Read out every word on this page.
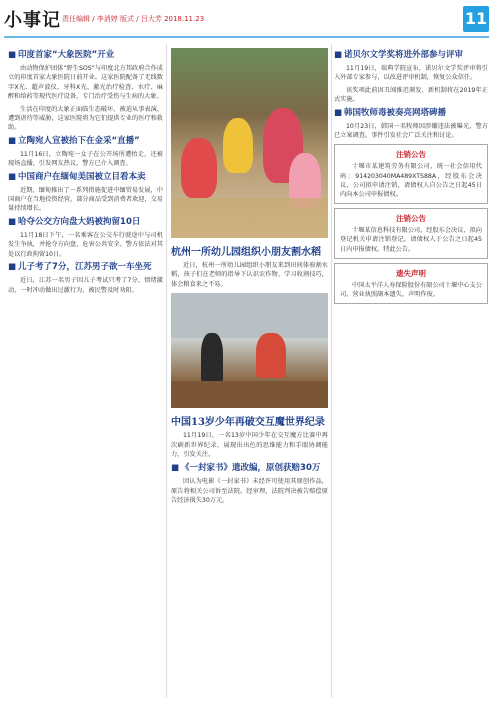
小事记 责任编辑 / 李消婷 版式 / 吕大芳 2018.11.23	11
■ 印度首家“大象医院”开业
由动物保护团体“野生SOS”与印度北方邦政府合作成立的印度首家大象医院日前开业。这家医院配备了无线数字X光、超声波仪、牙科X光、激光治疗检查、水疗、麻醉和给药等现代医疗设备，专门治疗受伤与生病的大象。
生活在印度的大象正面临生态破坏、被迫从事表演、遭到虐待等威胁，这家医院将为它们提供专业的医疗和救助。
■ 立陶宛人宣被抬下在金采“直播”
11月16日，立陶宛一女子在公开场所遭抬走，还被现场直播，引发网友热议。警方已介入调查。
■ 中国商户在缅甸美国被立目看本卖
近期，缅甸推出了一系列措施促进中缅贸易发展，中国商户在当地投资经营，部分商品受到消费者欢迎，交易量持续增长。
■ 哈夺公交方向盘大妈被拘留10日
11月18日下午，一名乘客在公交车行驶途中与司机发生争执，并抢夺方向盘，危害公共安全。警方依法对其处以行政拘留10日。
■ 儿子考了7分，江苏男子欲一车坐死
近日，江苏一名男子因儿子考试只考了7分，情绪激动，一时冲动做出过激行为，被民警及时劝阻。
杭州一所幼儿园组织小朋友割水稻
近日，杭州一所幼儿园组织小朋友来到田间体验割水稻，孩子们在老师的指导下认识农作物、学习收割技巧，体会粮食来之不易。
中国13岁少年再破交互魔世界纪录
11月19日，一名13岁中国少年在交互魔方比赛中再次刷新世界纪录，展现出出色的思维能力和手眼协调能力，引发关注。
■ 《一封家书》遗改编，原创获赔30万
因认为电影《一封家书》未经许可使用其原创作品，原告将相关公司诉至法院。经审理，法院判决被告赔偿原告经济损失30万元。
■ 诺贝尔文学奖将进外部参与评审
11月19日，瑞典学院宣布，诺贝尔文学奖评审将引入外部专家参与，以改进评审机制，恢复公众信任。
该奖项此前因丑闻推迟颁发，新机制将在2019年正式实施。
■ 韩国牧师毒被奏亮网塔碑播
10月23日，韩国一名牧师因涉嫌违法被曝光，警方已立案调查。事件引发社会广泛关注和讨论。
注销公告
十堰市某建筑劳务有限公司，统一社会信用代码：914203040MA489XTS88A，经股东会决议，公司拟申请注销，请债权人自公告之日起45日内向本公司申报债权。
注销公告
十堰某信息科技有限公司，经股东会决议，拟向登记机关申请注销登记，请债权人于公告之日起45日内申报债权。特此公告。
遗失声明
中国太平洋人寿保险股份有限公司十堰中心支公司，营业执照副本遗失，声明作废。
